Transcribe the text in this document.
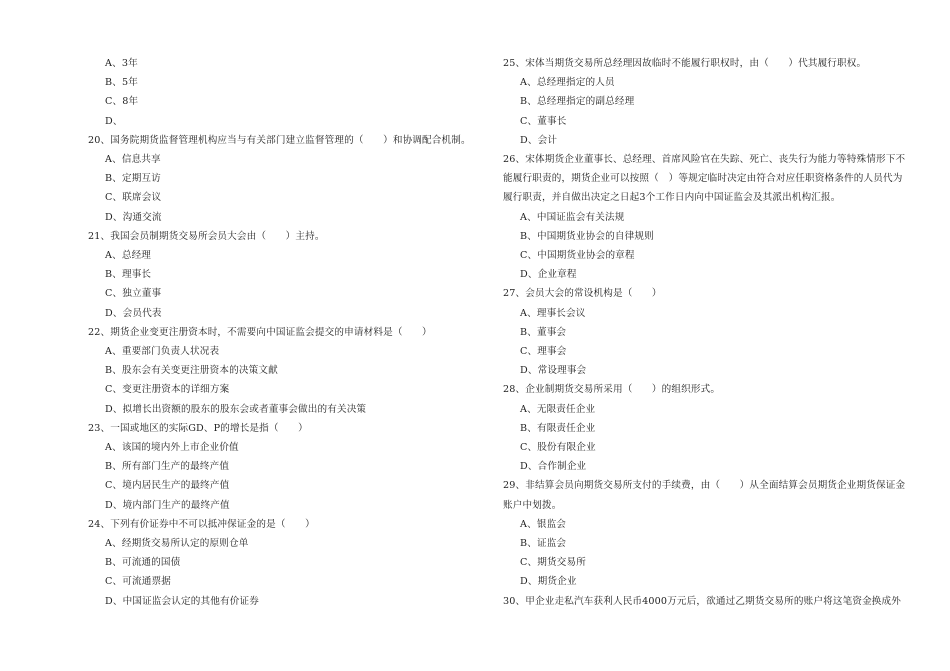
A、3年
B、5年
C、8年
D、
20、国务院期货监督管理机构应当与有关部门建立监督管理的（　　）和协调配合机制。
A、信息共享
B、定期互访
C、联席会议
D、沟通交流
21、我国会员制期货交易所会员大会由（　　）主持。
A、总经理
B、理事长
C、独立董事
D、会员代表
22、期货企业变更注册资本时，不需要向中国证监会提交的申请材料是（　　）
A、重要部门负责人状况表
B、股东会有关变更注册资本的决策文献
C、变更注册资本的详细方案
D、拟增长出资额的股东的股东会或者董事会做出的有关决策
23、一国或地区的实际GD、P的增长是指（　　）
A、该国的境内外上市企业价值
B、所有部门生产的最终产值
C、境内居民生产的最终产值
D、境内部门生产的最终产值
24、下列有价证券中不可以抵冲保证金的是（　　）
A、经期货交易所认定的原则仓单
B、可流通的国债
C、可流通票据
D、中国证监会认定的其他有价证券
25、宋体当期货交易所总经理因故临时不能履行职权时，由（　　）代其履行职权。
A、总经理指定的人员
B、总经理指定的副总经理
C、董事长
D、会计
26、宋体期货企业董事长、总经理、首席风险官在失踪、死亡、丧失行为能力等特殊情形下不
能履行职责的，期货企业可以按照（　）等规定临时决定由符合对应任职资格条件的人员代为
履行职责，并自做出决定之日起3个工作日内向中国证监会及其派出机构汇报。
A、中国证监会有关法规
B、中国期货业协会的自律规则
C、中国期货业协会的章程
D、企业章程
27、会员大会的常设机构是（　　）
A、理事长会议
B、董事会
C、理事会
D、常设理事会
28、企业制期货交易所采用（　　）的组织形式。
A、无限责任企业
B、有限责任企业
C、股份有限企业
D、合作制企业
29、非结算会员向期货交易所支付的手续费，由（　　）从全面结算会员期货企业期货保证金
账户中划拨。
A、银监会
B、证监会
C、期货交易所
D、期货企业
30、甲企业走私汽车获利人民币4000万元后，欲通过乙期货交易所的账户将这笔资金换成外
